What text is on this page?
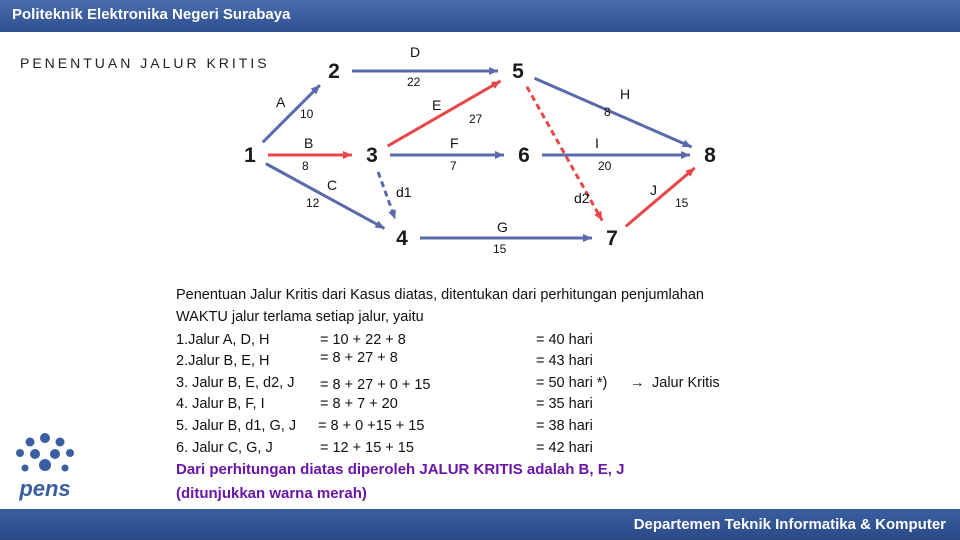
Politeknik Elektronika Negeri Surabaya
PENENTUAN JALUR KRITIS
1
2
3
4
5
6
7
8
A
10
B
8
C
12
D
22
E
27
F
7
d1
G
15
H
8
d2
I
20
J
15
Penentuan Jalur Kritis dari Kasus diatas, ditentukan dari perhitungan penjumlahan
WAKTU jalur terlama setiap jalur, yaitu
1.Jalur A, D, H	= 10 + 22 + 8	= 40 hari
2.Jalur B, E, H	= 8 + 27 + 8	= 43 hari
3. Jalur B, E, d2, J = 8 + 27 + 0 + 15	= 50 hari *) → Jalur Kritis
4. Jalur B, F, I	= 8 + 7 + 20	= 35 hari
5. Jalur B, d1, G, J = 8 + 0 +15 + 15	= 38 hari
6. Jalur C, G, J	= 12 + 15 + 15	= 42 hari
Dari perhitungan diatas diperoleh JALUR KRITIS adalah B, E, J
(ditunjukkan warna merah)
pens
Departemen Teknik Informatika & Komputer
